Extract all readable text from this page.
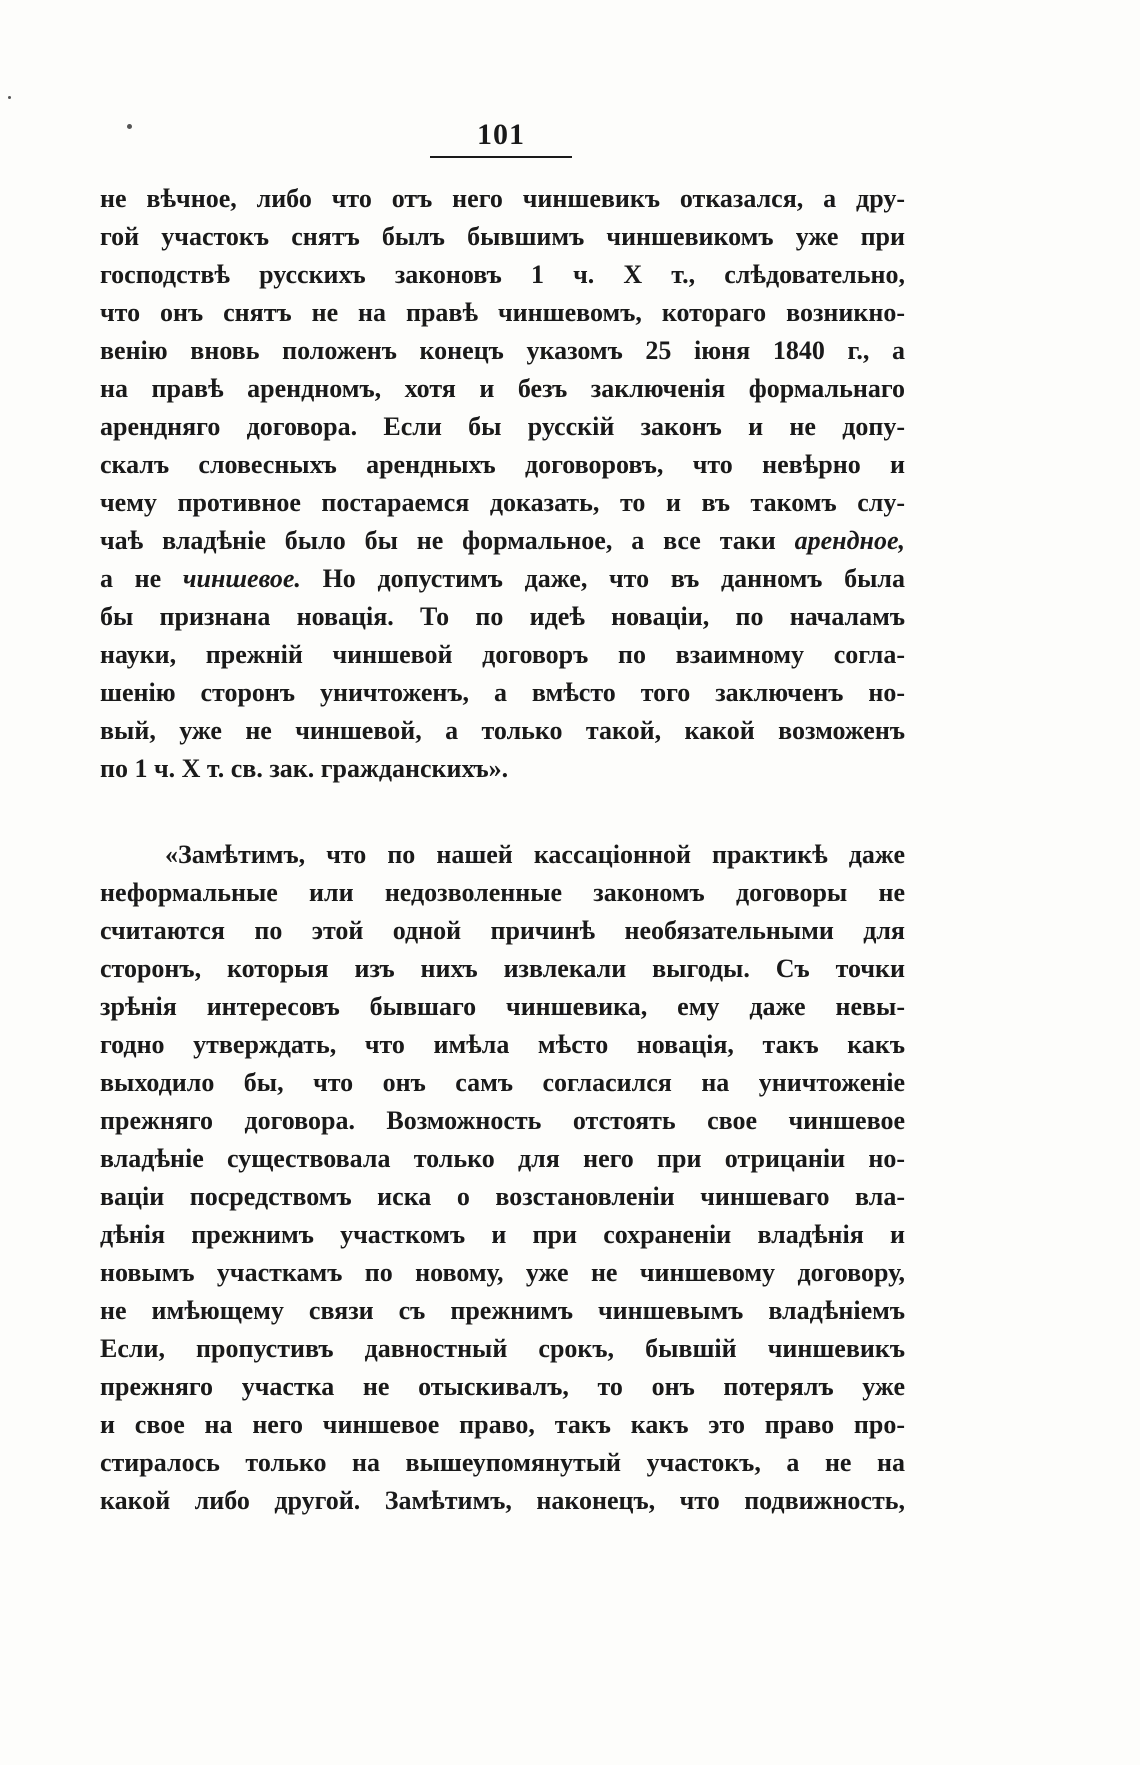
101
не вѣчное, либо что отъ него чиншевикъ отказался, а дру-
гой участокъ снятъ былъ бывшимъ чиншевикомъ уже при
господствѣ русскихъ законовъ 1 ч. X т., слѣдовательно,
что онъ снятъ не на правѣ чиншевомъ, котораго возникно-
венію вновь положенъ конецъ указомъ 25 іюня 1840 г., а
на правѣ арендномъ, хотя и безъ заключенія формальнаго
арендняго договора. Если бы русскій законъ и не допу-
скалъ словесныхъ арендныхъ договоровъ, что невѣрно и
чему противное постараемся доказать, то и въ такомъ слу-
чаѣ владѣніе было бы не формальное, а все таки арендное,
а не чиншевое. Но допустимъ даже, что въ данномъ была
бы признана новація. То по идеѣ новаціи, по началамъ
науки, прежній чиншевой договоръ по взаимному согла-
шенію сторонъ уничтоженъ, а вмѣсто того заключенъ но-
вый, уже не чиншевой, а только такой, какой возможенъ
по 1 ч. X т. св. зак. гражданскихъ».
«Замѣтимъ, что по нашей кассаціонной практикѣ даже
неформальные или недозволенные закономъ договоры не
считаются по этой одной причинѣ необязательными для
сторонъ, которыя изъ нихъ извлекали выгоды. Съ точки
зрѣнія интересовъ бывшаго чиншевика, ему даже невы-
годно утверждать, что имѣла мѣсто новація, такъ какъ
выходило бы, что онъ самъ согласился на уничтоженіе
прежняго договора. Возможность отстоять свое чиншевое
владѣніе существовала только для него при отрицаніи но-
ваціи посредствомъ иска о возстановленіи чиншеваго вла-
дѣнія прежнимъ участкомъ и при сохраненіи владѣнія и
новымъ участкамъ по новому, уже не чиншевому договору,
не имѣющему связи съ прежнимъ чиншевымъ владѣніемъ
Если, пропустивъ давностный срокъ, бывшій чиншевикъ
прежняго участка не отыскивалъ, то онъ потерялъ уже
и свое на него чиншевое право, такъ какъ это право про-
стиралось только на вышеупомянутый участокъ, а не на
какой либо другой. Замѣтимъ, наконецъ, что подвижность,
